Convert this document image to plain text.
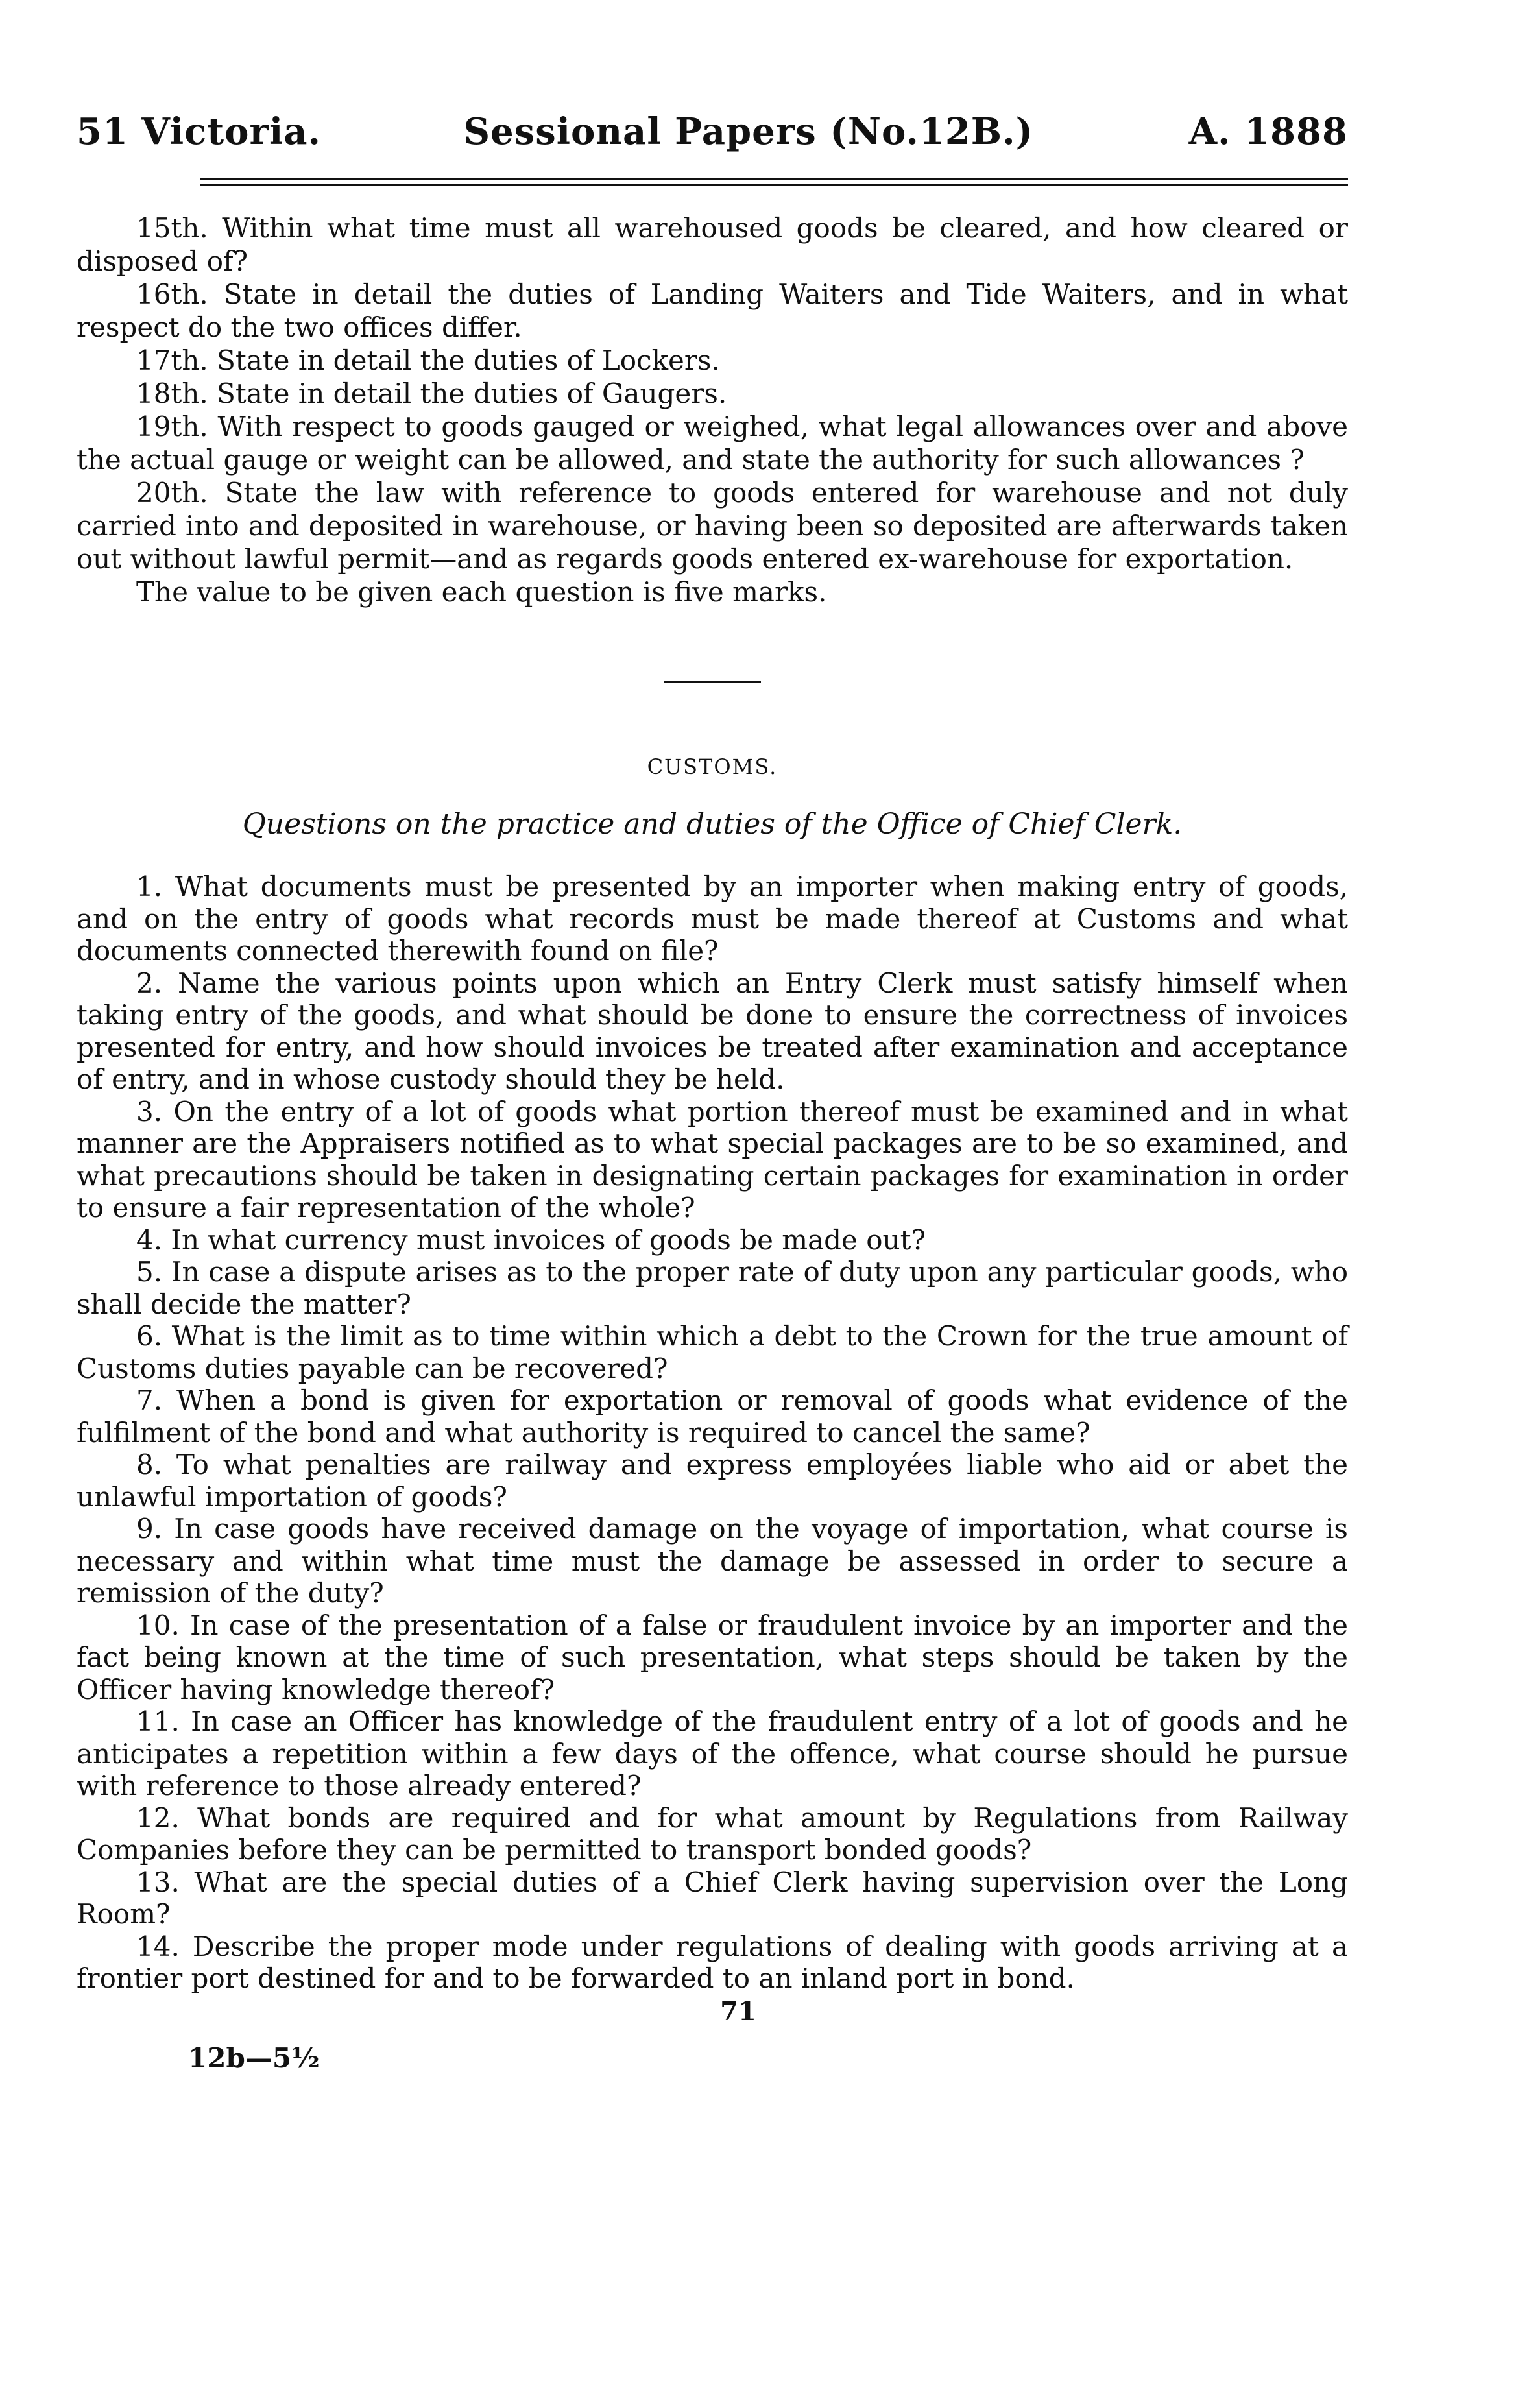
51 Victoria.	Sessional Papers (No.12B.)	A. 1888

15th. Within what time must all warehoused goods be cleared, and how cleared or disposed of?

16th. State in detail the duties of Landing Waiters and Tide Waiters, and in what respect do the two offices differ.

17th. State in detail the duties of Lockers.

18th. State in detail the duties of Gaugers.

19th. With respect to goods gauged or weighed, what legal allowances over and above the actual gauge or weight can be allowed, and state the authority for such allowances ?

20th. State the law with reference to goods entered for warehouse and not duly carried into and deposited in warehouse, or having been so deposited are afterwards taken out without lawful permit—and as regards goods entered ex-warehouse for exportation.

The value to be given each question is five marks.

CUSTOMS.
Questions on the practice and duties of the Office of Chief Clerk.

1. What documents must be presented by an importer when making entry of goods, and on the entry of goods what records must be made thereof at Customs and what documents connected therewith found on file?

2. Name the various points upon which an Entry Clerk must satisfy himself when taking entry of the goods, and what should be done to ensure the correctness of invoices presented for entry, and how should invoices be treated after examination and acceptance of entry, and in whose custody should they be held.

3. On the entry of a lot of goods what portion thereof must be examined and in what manner are the Appraisers notified as to what special packages are to be so examined, and what precautions should be taken in designating certain packages for examination in order to ensure a fair representation of the whole?

4. In what currency must invoices of goods be made out?

5. In case a dispute arises as to the proper rate of duty upon any particular goods, who shall decide the matter?

6. What is the limit as to time within which a debt to the Crown for the true amount of Customs duties payable can be recovered?

7. When a bond is given for exportation or removal of goods what evidence of the fulfilment of the bond and what authority is required to cancel the same?

8. To what penalties are railway and express employées liable who aid or abet the unlawful importation of goods?

9. In case goods have received damage on the voyage of importation, what course is necessary and within what time must the damage be assessed in order to secure a remission of the duty?

10. In case of the presentation of a false or fraudulent invoice by an importer and the fact being known at the time of such presentation, what steps should be taken by the Officer having knowledge thereof?

11. In case an Officer has knowledge of the fraudulent entry of a lot of goods and he anticipates a repetition within a few days of the offence, what course should he pursue with reference to those already entered?

12. What bonds are required and for what amount by Regulations from Railway Companies before they can be permitted to transport bonded goods?

13. What are the special duties of a Chief Clerk having supervision over the Long Room?

14. Describe the proper mode under regulations of dealing with goods arriving at a frontier port destined for and to be forwarded to an inland port in bond.

71
12b—5½
